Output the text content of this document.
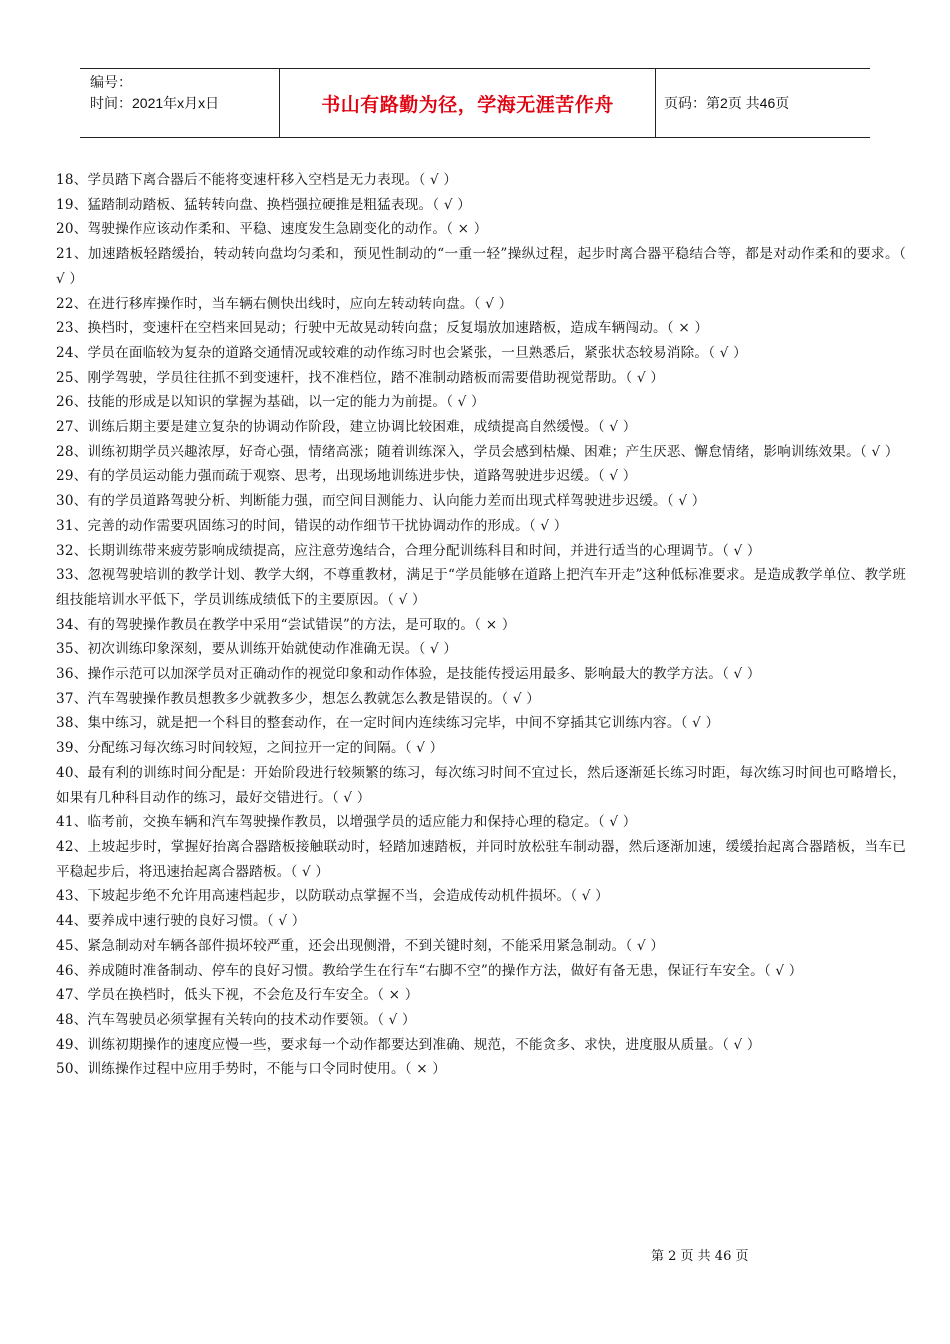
编号：
时间：2021年x月x日	书山有路勤为径，学海无涯苦作舟	页码：第2页 共46页

18、学员踏下离合器后不能将变速杆移入空档是无力表现。（ √ ）

19、猛踏制动踏板、猛转转向盘、换档强拉硬推是粗猛表现。（ √ ）

20、驾驶操作应该动作柔和、平稳、速度发生急剧变化的动作。（ × ）

21、加速踏板轻踏缓抬，转动转向盘均匀柔和，预见性制动的“一重一轻”操纵过程，起步时离合器平稳结合等，都是对动作柔和的要求。（ √ ）

22、在进行移库操作时，当车辆右侧快出线时，应向左转动转向盘。（ √ ）

23、换档时，变速杆在空档来回晃动；行驶中无故晃动转向盘；反复塌放加速踏板，造成车辆闯动。（ × ）

24、学员在面临较为复杂的道路交通情况或较难的动作练习时也会紧张，一旦熟悉后，紧张状态较易消除。（ √ ）

25、刚学驾驶，学员往往抓不到变速杆，找不准档位，踏不准制动踏板而需要借助视觉帮助。（ √ ）

26、技能的形成是以知识的掌握为基础，以一定的能力为前提。（ √ ）

27、训练后期主要是建立复杂的协调动作阶段，建立协调比较困难，成绩提高自然缓慢。（ √ ）

28、训练初期学员兴趣浓厚，好奇心强，情绪高涨；随着训练深入，学员会感到枯燥、困难；产生厌恶、懈怠情绪，影响训练效果。（ √ ）

29、有的学员运动能力强而疏于观察、思考，出现场地训练进步快，道路驾驶进步迟缓。（ √ ）

30、有的学员道路驾驶分析、判断能力强，而空间目测能力、认向能力差而出现式样驾驶进步迟缓。（ √ ）

31、完善的动作需要巩固练习的时间，错误的动作细节干扰协调动作的形成。（ √ ）

32、长期训练带来疲劳影响成绩提高，应注意劳逸结合，合理分配训练科目和时间，并进行适当的心理调节。（ √ ）

33、忽视驾驶培训的教学计划、教学大纲，不尊重教材，满足于“学员能够在道路上把汽车开走”这种低标准要求。是造成教学单位、教学班组技能培训水平低下，学员训练成绩低下的主要原因。（ √ ）

34、有的驾驶操作教员在教学中采用“尝试错误”的方法，是可取的。（ × ）

35、初次训练印象深刻，要从训练开始就使动作准确无误。（ √ ）

36、操作示范可以加深学员对正确动作的视觉印象和动作体验，是技能传授运用最多、影响最大的教学方法。（ √ ）

37、汽车驾驶操作教员想教多少就教多少，想怎么教就怎么教是错误的。（ √ ）

38、集中练习，就是把一个科目的整套动作，在一定时间内连续练习完毕，中间不穿插其它训练内容。（ √ ）

39、分配练习每次练习时间较短，之间拉开一定的间隔。（ √ ）

40、最有利的训练时间分配是：开始阶段进行较频繁的练习，每次练习时间不宜过长，然后逐渐延长练习时距，每次练习时间也可略增长，如果有几种科目动作的练习，最好交错进行。（ √ ）

41、临考前，交换车辆和汽车驾驶操作教员，以增强学员的适应能力和保持心理的稳定。（ √ ）

42、上坡起步时，掌握好抬离合器踏板接触联动时，轻踏加速踏板，并同时放松驻车制动器，然后逐渐加速，缓缓抬起离合器踏板，当车已平稳起步后，将迅速抬起离合器踏板。（ √ ）

43、下坡起步绝不允许用高速档起步，以防联动点掌握不当，会造成传动机件损坏。（ √ ）

44、要养成中速行驶的良好习惯。（ √ ）

45、紧急制动对车辆各部件损坏较严重，还会出现侧滑，不到关键时刻，不能采用紧急制动。（ √ ）

46、养成随时准备制动、停车的良好习惯。教给学生在行车“右脚不空”的操作方法，做好有备无患，保证行车安全。（ √ ）

47、学员在换档时，低头下视，不会危及行车安全。（ × ）

48、汽车驾驶员必须掌握有关转向的技术动作要领。（ √ ）

49、训练初期操作的速度应慢一些，要求每一个动作都要达到准确、规范，不能贪多、求快，进度服从质量。（ √ ）

50、训练操作过程中应用手势时，不能与口令同时使用。（ × ）

第 2 页 共 46 页
